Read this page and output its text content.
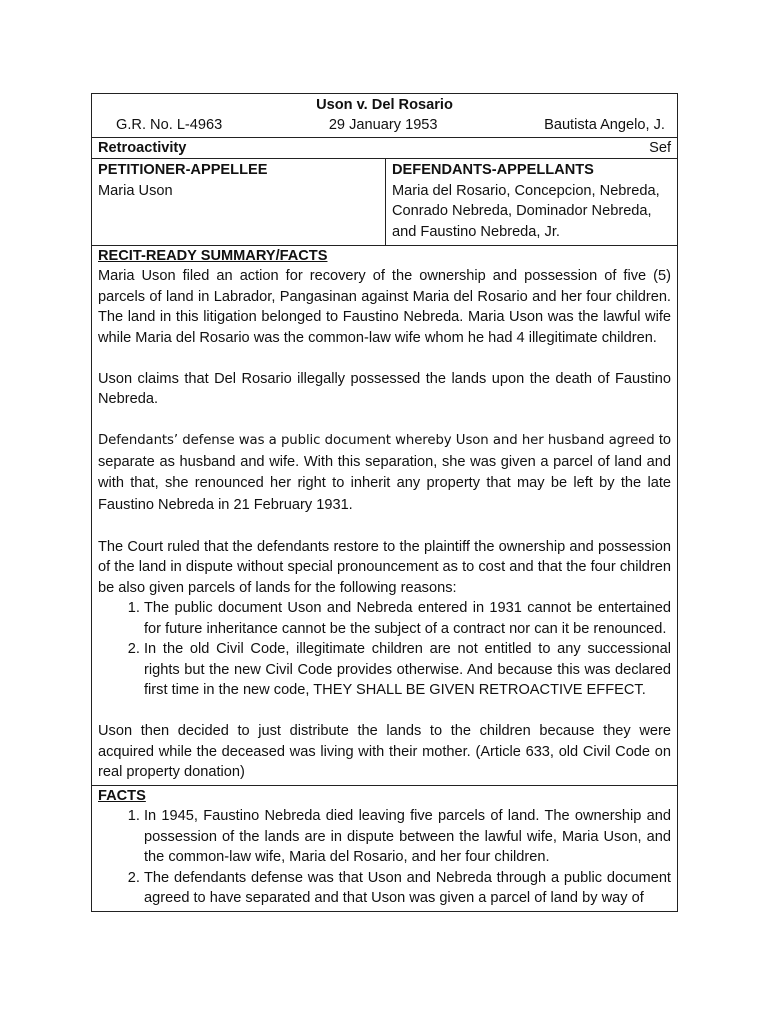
Uson v. Del Rosario
G.R. No. L-4963	29 January 1953	Bautista Angelo, J.
Retroactivity	Sef
PETITIONER-APPELLEE
Maria Uson
DEFENDANTS-APPELLANTS
Maria del Rosario, Concepcion, Nebreda, Conrado Nebreda, Dominador Nebreda, and Faustino Nebreda, Jr.
RECIT-READY SUMMARY/FACTS

Maria Uson filed an action for recovery of the ownership and possession of five (5) parcels of land in Labrador, Pangasinan against Maria del Rosario and her four children. The land in this litigation belonged to Faustino Nebreda. Maria Uson was the lawful wife while Maria del Rosario was the common-law wife whom he had 4 illegitimate children.

Uson claims that Del Rosario illegally possessed the lands upon the death of Faustino Nebreda.

Defendants’ defense was a public document whereby Uson and her husband agreed to separate as husband and wife. With this separation, she was given a parcel of land and with that, she renounced her right to inherit any property that may be left by the late Faustino Nebreda in 21 February 1931.

The Court ruled that the defendants restore to the plaintiff the ownership and possession of the land in dispute without special pronouncement as to cost and that the four children be also given parcels of lands for the following reasons:

1. The public document Uson and Nebreda entered in 1931 cannot be entertained for future inheritance cannot be the subject of a contract nor can it be renounced.
2. In the old Civil Code, illegitimate children are not entitled to any successional rights but the new Civil Code provides otherwise. And because this was declared first time in the new code, THEY SHALL BE GIVEN RETROACTIVE EFFECT.

Uson then decided to just distribute the lands to the children because they were acquired while the deceased was living with their mother. (Article 633, old Civil Code on real property donation)

FACTS
1. In 1945, Faustino Nebreda died leaving five parcels of land. The ownership and possession of the lands are in dispute between the lawful wife, Maria Uson, and the common-law wife, Maria del Rosario, and her four children.
2. The defendants defense was that Uson and Nebreda through a public document agreed to have separated and that Uson was given a parcel of land by way of
